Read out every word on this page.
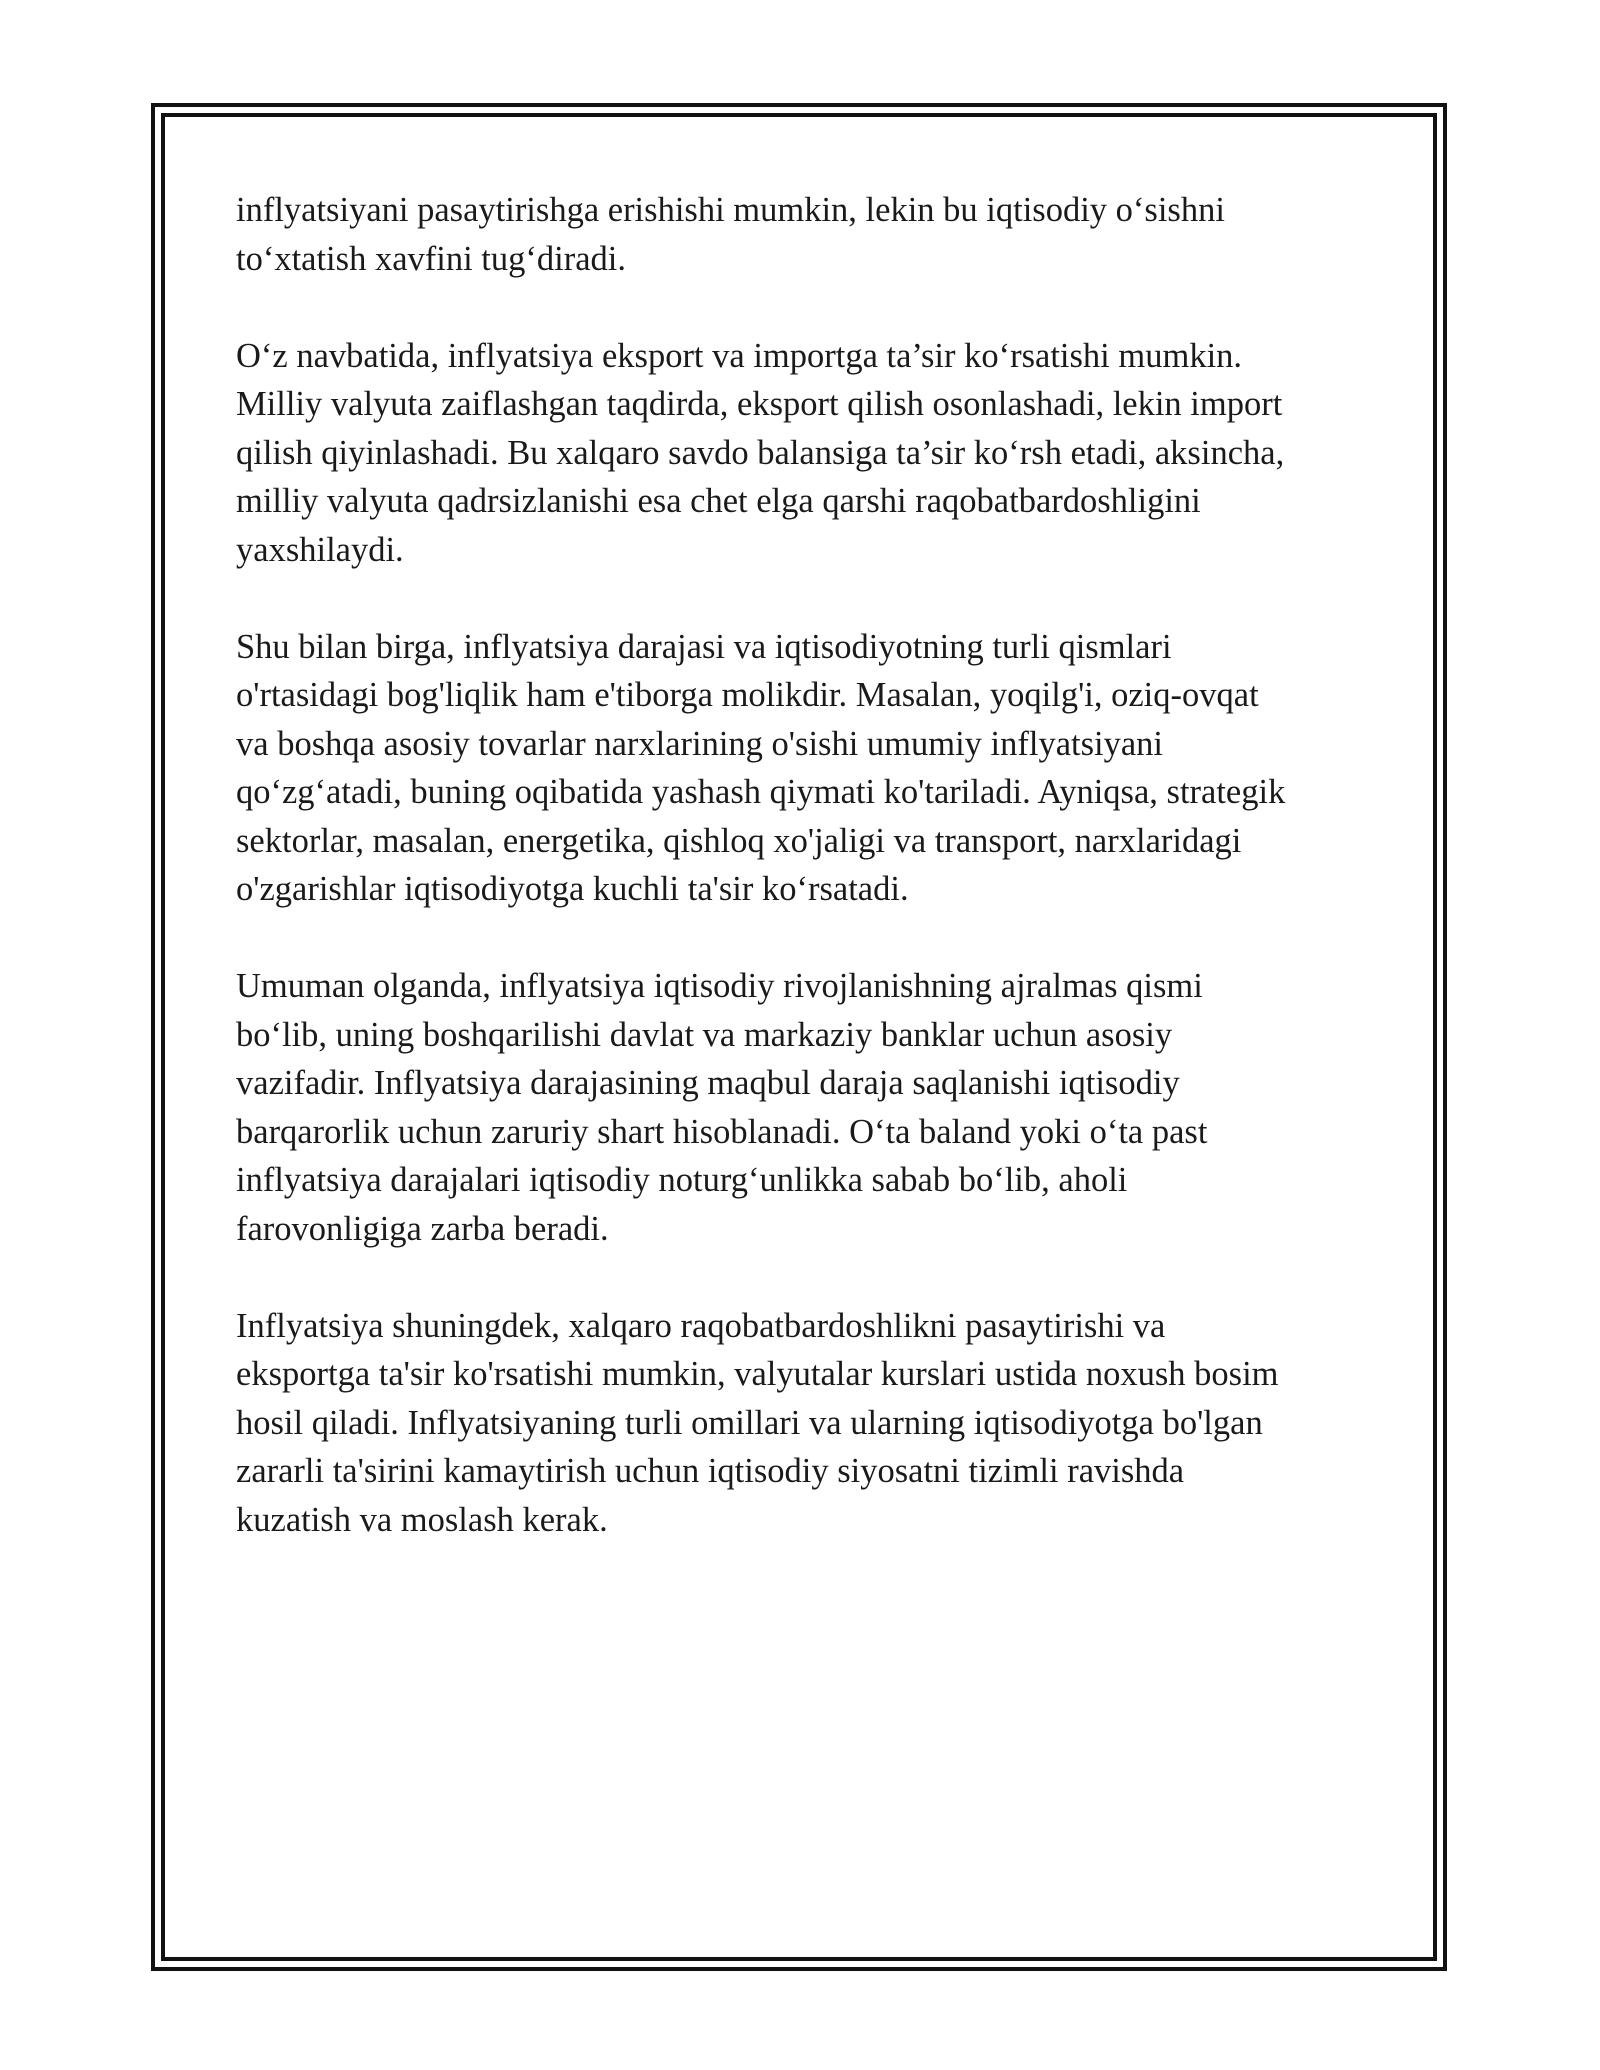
inflyatsiyani pasaytirishga erishishi mumkin, lekin bu iqtisodiy o‘sishni
to‘xtatish xavfini tug‘diradi.

O‘z navbatida, inflyatsiya eksport va importga ta’sir ko‘rsatishi mumkin.
Milliy valyuta zaiflashgan taqdirda, eksport qilish osonlashadi, lekin import
qilish qiyinlashadi. Bu xalqaro savdo balansiga ta’sir ko‘rsh etadi, aksincha,
milliy valyuta qadrsizlanishi esa chet elga qarshi raqobatbardoshligini
yaxshilaydi.

Shu bilan birga, inflyatsiya darajasi va iqtisodiyotning turli qismlari
o'rtasidagi bog'liqlik ham e'tiborga molikdir. Masalan, yoqilg'i, oziq-ovqat
va boshqa asosiy tovarlar narxlarining o'sishi umumiy inflyatsiyani
qo‘zg‘atadi, buning oqibatida yashash qiymati ko'tariladi. Ayniqsa, strategik
sektorlar, masalan, energetika, qishloq xo'jaligi va transport, narxlaridagi
o'zgarishlar iqtisodiyotga kuchli ta'sir ko‘rsatadi.

Umuman olganda, inflyatsiya iqtisodiy rivojlanishning ajralmas qismi
bo‘lib, uning boshqarilishi davlat va markaziy banklar uchun asosiy
vazifadir. Inflyatsiya darajasining maqbul daraja saqlanishi iqtisodiy
barqarorlik uchun zaruriy shart hisoblanadi. O‘ta baland yoki o‘ta past
inflyatsiya darajalari iqtisodiy noturg‘unlikka sabab bo‘lib, aholi
farovonligiga zarba beradi.

Inflyatsiya shuningdek, xalqaro raqobatbardoshlikni pasaytirishi va
eksportga ta'sir ko'rsatishi mumkin, valyutalar kurslari ustida noxush bosim
hosil qiladi. Inflyatsiyaning turli omillari va ularning iqtisodiyotga bo'lgan
zararli ta'sirini kamaytirish uchun iqtisodiy siyosatni tizimli ravishda
kuzatish va moslash kerak.
